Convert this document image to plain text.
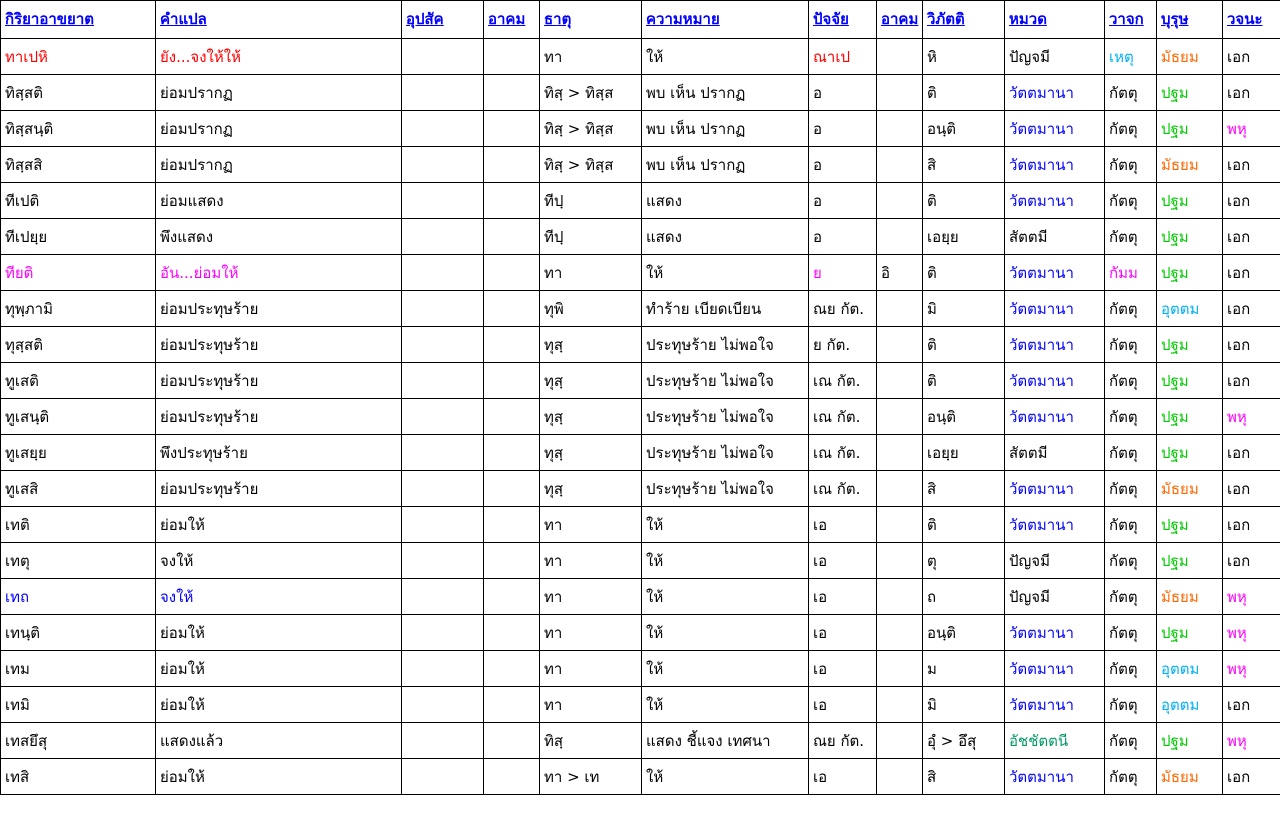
กิริยาอาขยาต	คำแปล	อุปสัค	อาคม	ธาตุ	ความหมาย	ปัจจัย	อาคม	วิภัตติ	หมวด	วาจก	บุรุษ	วจนะ
ทาเปหิ	ยัง...จงให้ให้			ทา	ให้	ณาเป		หิ	ปัญจมี	เหตุ	มัธยม	เอก
ทิสฺสติ	ย่อมปรากฏ			ทิสฺ > ทิสฺส	พบ เห็น ปรากฏ	อ		ติ	วัตตมานา	กัตตุ	ปฐม	เอก
ทิสฺสนฺติ	ย่อมปรากฏ			ทิสฺ > ทิสฺส	พบ เห็น ปรากฏ	อ		อนฺติ	วัตตมานา	กัตตุ	ปฐม	พหุ
ทิสฺสสิ	ย่อมปรากฏ			ทิสฺ > ทิสฺส	พบ เห็น ปรากฏ	อ		สิ	วัตตมานา	กัตตุ	มัธยม	เอก
ทีเปติ	ย่อมแสดง			ทีปฺ	แสดง	อ		ติ	วัตตมานา	กัตตุ	ปฐม	เอก
ทีเปยฺย	พึงแสดง			ทีปฺ	แสดง	อ		เอยฺย	สัตตมี	กัตตุ	ปฐม	เอก
ทียติ	อัน...ย่อมให้			ทา	ให้	ย	อิ	ติ	วัตตมานา	กัมม	ปฐม	เอก
ทุพฺภามิ	ย่อมประทุษร้าย			ทุพิ	ทำร้าย เบียดเบียน	ณย กัต.		มิ	วัตตมานา	กัตตุ	อุตตม	เอก
ทุสฺสติ	ย่อมประทุษร้าย			ทุสฺ	ประทุษร้าย ไม่พอใจ	ย กัต.		ติ	วัตตมานา	กัตตุ	ปฐม	เอก
ทูเสติ	ย่อมประทุษร้าย			ทุสฺ	ประทุษร้าย ไม่พอใจ	เณ กัต.		ติ	วัตตมานา	กัตตุ	ปฐม	เอก
ทูเสนฺติ	ย่อมประทุษร้าย			ทุสฺ	ประทุษร้าย ไม่พอใจ	เณ กัต.		อนฺติ	วัตตมานา	กัตตุ	ปฐม	พหุ
ทูเสยฺย	พึงประทุษร้าย			ทุสฺ	ประทุษร้าย ไม่พอใจ	เณ กัต.		เอยฺย	สัตตมี	กัตตุ	ปฐม	เอก
ทูเสสิ	ย่อมประทุษร้าย			ทุสฺ	ประทุษร้าย ไม่พอใจ	เณ กัต.		สิ	วัตตมานา	กัตตุ	มัธยม	เอก
เทติ	ย่อมให้			ทา	ให้	เอ		ติ	วัตตมานา	กัตตุ	ปฐม	เอก
เทตุ	จงให้			ทา	ให้	เอ		ตุ	ปัญจมี	กัตตุ	ปฐม	เอก
เทถ	จงให้			ทา	ให้	เอ		ถ	ปัญจมี	กัตตุ	มัธยม	พหุ
เทนฺติ	ย่อมให้			ทา	ให้	เอ		อนฺติ	วัตตมานา	กัตตุ	ปฐม	พหุ
เทม	ย่อมให้			ทา	ให้	เอ		ม	วัตตมานา	กัตตุ	อุตตม	พหุ
เทมิ	ย่อมให้			ทา	ให้	เอ		มิ	วัตตมานา	กัตตุ	อุตตม	เอก
เทสยึสุ	แสดงแล้ว			ทิสฺ	แสดง ชี้แจง เทศนา	ณย กัต.		อุํ > อึสุ	อัชชัตตนี	กัตตุ	ปฐม	พหุ
เทสิ	ย่อมให้			ทา > เท	ให้	เอ		สิ	วัตตมานา	กัตตุ	มัธยม	เอก
